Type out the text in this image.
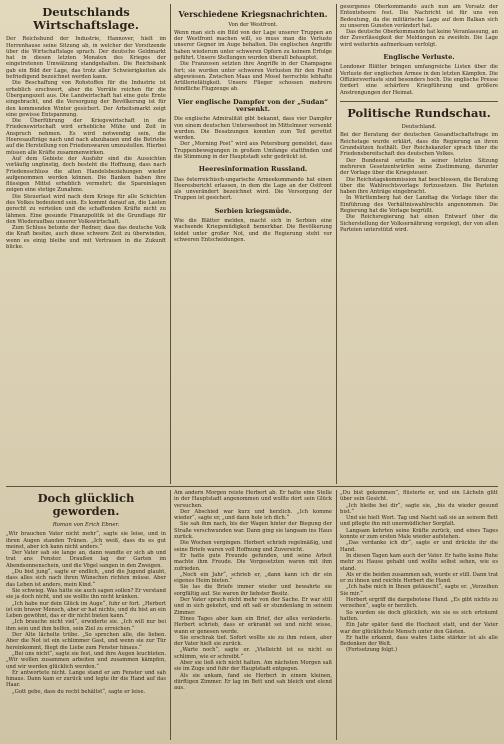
Deutschlands Wirtschaftslage.

Der Reichsbund der Industrie, Hannover, hielt im Herrenhause seine Sitzung ab, in welcher der Vorsitzende über die Wirtschaftslage sprach. Der deutsche Geldmarkt hat in diesen letzten Monaten des Krieges der eingetretenen Umwälzung standgehalten. Die Reichsbank gab ein Bild der Lage, das trotz aller Schwierigkeiten als befriedigend bezeichnet werden kann.

Die Beschaffung von Rohstoffen für die Industrie ist erheblich erschwert, aber die Vorräte reichen für die Übergangszeit aus. Die Landwirtschaft hat eine gute Ernte eingebracht, und die Versorgung der Bevölkerung ist für den kommenden Winter gesichert. Der Arbeitsmarkt zeigt eine gewisse Entspannung.

Die Überführung der Kriegswirtschaft in die Friedenswirtschaft wird erhebliche Mühe und Zeit in Anspruch nehmen. Es wird notwendig sein, die Heeresaufträge nach und nach abzubauen und die Betriebe auf die Herstellung von Friedenswaren umzustellen. Hierbei müssen alle Kräfte zusammenwirken.

Auf dem Gebiete der Ausfuhr sind die Aussichten vorläufig ungünstig, doch besteht die Hoffnung, dass nach Friedensschluss die alten Handelsbeziehungen wieder aufgenommen werden können. Die Banken haben ihre flüssigen Mittel erheblich vermehrt; die Spareinlagen zeigen eine stetige Zunahme.

Die Steuerlast wird nach dem Kriege für alle Schichten des Volkes bedeutend sein. Es kommt darauf an, die Lasten gerecht zu verteilen und die schaffenden Kräfte nicht zu lähmen. Eine gesunde Finanzpolitik ist die Grundlage für den Wiederaufbau unserer Volkswirtschaft.

Zum Schluss betonte der Redner, dass das deutsche Volk die Kraft besitze, auch diese schwere Zeit zu überwinden, wenn es einig bleibe und mit Vertrauen in die Zukunft blicke.

Verschiedene Kriegsnachrichten.
Von der Westfront.

Wenn man sich ein Bild von der Lage unserer Truppen an der Westfront machen will, so muss man die Verluste unserer Gegner im Auge behalten. Die englischen Angriffe haben wiederum unter schweren Opfern zu keinem Erfolge geführt. Unsere Stellungen wurden überall behauptet.

Die Franzosen setzten ihre Angriffe in der Champagne fort; sie wurden unter schweren Verlusten für den Feind abgewiesen. Zwischen Maas und Mosel herrschte lebhafte Artillerietätigkeit. Unsere Flieger schossen mehrere feindliche Flugzeuge ab.

Vier englische Dampfer von der „Sudan“ versenkt.

Die englische Admiralität gibt bekannt, dass vier Dampfer von einem deutschen Unterseeboot im Mittelmeer versenkt wurden. Die Besatzungen konnten zum Teil gerettet werden.

Der „Morning Post“ wird aus Petersburg gemeldet, dass Truppenbewegungen in großem Umfange stattfinden und die Stimmung in der Hauptstadt sehr gedrückt ist.

Heeresinformation Russland.

Das österreichisch-ungarische Armeekommando hat einen Heeresbericht erlassen, in dem die Lage an der Ostfront als unverändert bezeichnet wird. Die Versorgung der Truppen ist gesichert.

Serbien kriegsmüde.

Wie die Blätter melden, macht sich in Serbien eine wachsende Kriegsmüdigkeit bemerkbar. Die Bevölkerung leidet unter großer Not, und die Regierung steht vor schweren Entscheidungen.

gesorgenes Oberkommando auch nun am Vorsatz der Ententeheere fest. Die Nachricht ist für uns von Bedeutung, da die militärische Lage auf dem Balkan sich zu unseren Gunsten verändert hat.

Das deutsche Oberkommando hat keine Veranlassung, an der Zuverlässigkeit der Meldungen zu zweifeln. Die Lage wird weiterhin aufmerksam verfolgt.

Englische Verluste.

Londoner Blätter bringen umfangreiche Listen über die Verluste der englischen Armee in den letzten Kämpfen. Die Offiziersverluste sind besonders hoch. Die englische Presse fordert eine schärfere Kriegführung und größere Anstrengungen der Heimat.

Politische Rundschau.
Deutschland.

Bei der Beratung der deutschen Gesandtschaftsfrage im Reichstage wurde erklärt, dass die Regierung an ihren Grundsätzen festhält. Der Reichskanzler sprach über die Friedensbereitschaft des deutschen Volkes.

Der Bundesrat erteilte in seiner letzten Sitzung mehreren Gesetzentwürfen seine Zustimmung, darunter der Vorlage über die Kriegsteuer.

Die Reichstagskommission hat beschlossen, die Beratung über die Wahlrechtsvorlage fortzusetzen. Die Parteien haben ihre Anträge eingebracht.

In Württemberg hat der Landtag die Vorlage über die Einführung des Verhältniswahlrechts angenommen. Die Regierung hat die Vorlage begrüßt.

Die Reichsregierung hat einen Entwurf über die Sicherstellung der Volksernährung vorgelegt, der von allen Parteien unterstützt wird.

Doch glücklich geworden.
Roman von Erich Ebner.

„Wir brauchen Vater nicht mehr“, sagte sie leise, und in ihren Augen standen Tränen. „Ich weiß, dass du es gut meinst, aber ich kann nicht anders.“

Der Vater sah sie lange an, dann wandte er sich ab und trat ans Fenster. Draußen lag der Garten im Abendsonnenschein, und die Vögel sangen in den Zweigen.

„Du bist jung“, sagte er endlich, „und die Jugend glaubt, dass alles sich nach ihren Wünschen richten müsse. Aber das Leben ist anders, mein Kind.“

Sie schwieg. Was hätte sie auch sagen sollen? Er verstand sie ja doch nicht, und sie wollte ihn nicht kränken.

„Ich habe nur dein Glück im Auge“, fuhr er fort. „Herbert ist ein braver Mensch, aber er hat nichts, und du bist an ein Leben gewöhnt, das er dir nicht bieten kann.“

„Ich brauche nicht viel“, erwiderte sie. „Ich will nur bei ihm sein und ihm helfen, sein Ziel zu erreichen.“

Der Alte lächelte trübe. „So sprechen alle, die lieben. Aber die Not ist ein schlimmer Gast, und wenn sie zur Tür hereinkommt, fliegt die Liebe zum Fenster hinaus.“

„Bei uns nicht“, sagte sie fest, und ihre Augen leuchteten. „Wir wollen zusammen arbeiten und zusammen kämpfen, und wir werden glücklich werden.“

Er antwortete nicht. Lange stand er am Fenster und sah hinaus. Dann kam er zurück und legte ihr die Hand auf das Haar.

„Gott gebe, dass du recht behältst“, sagte er leise.

Am andern Morgen reiste Herbert ab. Er hatte eine Stelle in der Hauptstadt angenommen und wollte dort sein Glück versuchen.

Der Abschied war kurz und herzlich. „Ich komme wieder“, sagte er, „und dann hole ich dich.“

Sie sah ihm nach, bis der Wagen hinter der Biegung der Straße verschwunden war. Dann ging sie langsam ins Haus zurück.

Die Wochen vergingen. Herbert schrieb regelmäßig, und seine Briefe waren voll Hoffnung und Zuversicht.

Er hatte gute Freunde gefunden, und seine Arbeit machte ihm Freude. Die Vorgesetzten waren mit ihm zufrieden.

„Noch ein Jahr“, schrieb er, „dann kann ich dir ein eigenes Heim bieten.“

Sie las die Briefe immer wieder und bewahrte sie sorgfältig auf. Sie waren ihr liebster Besitz.

Der Vater sprach nicht mehr von der Sache. Er war still und in sich gekehrt, und oft saß er stundenlang in seinem Zimmer.

Eines Tages aber kam ein Brief, der alles veränderte. Herbert schrieb, dass er erkrankt sei und nicht wisse, wann er genesen werde.

Sie erschrak tief. Sofort wollte sie zu ihm reisen, aber der Vater hielt sie zurück.

„Warte noch“, sagte er. „Vielleicht ist es nicht so schlimm, wie er schreibt.“

Aber sie ließ sich nicht halten. Am nächsten Morgen saß sie im Zuge und fuhr der Hauptstadt entgegen.

Als sie ankam, fand sie Herbert in einem kleinen, dürftigen Zimmer. Er lag im Bett und sah bleich und elend aus.

„Du bist gekommen“, flüsterte er, und ein Lächeln glitt über sein Gesicht.

„Ich bleibe bei dir“, sagte sie, „bis du wieder gesund bist.“

Und sie hielt Wort. Tag und Nacht saß sie an seinem Bett und pflegte ihn mit unermüdlicher Sorgfalt.

Langsam kehrten seine Kräfte zurück, und eines Tages konnte er zum ersten Male wieder aufstehen.

„Das verdanke ich dir“, sagte er und drückte ihr die Hand.

In diesen Tagen kam auch der Vater. Er hatte keine Ruhe mehr zu Hause gehabt und wollte selbst sehen, wie es stand.

Als er die beiden zusammen sah, wurde er still. Dann trat er zu ihnen und reichte Herbert die Hand.

„Ich habe mich in Ihnen getäuscht“, sagte er. „Verzeihen Sie mir.“

Herbert ergriff die dargebotene Hand. „Es gibt nichts zu verzeihen“, sagte er herzlich.

So wurden sie doch glücklich, wie sie es sich erträumt hatten.

Ein Jahr später fand die Hochzeit statt, und der Vater war der glücklichste Mensch unter den Gästen.

Er hatte erkannt, dass wahre Liebe stärker ist als alle Bedenken der Welt.

(Fortsetzung folgt.)
